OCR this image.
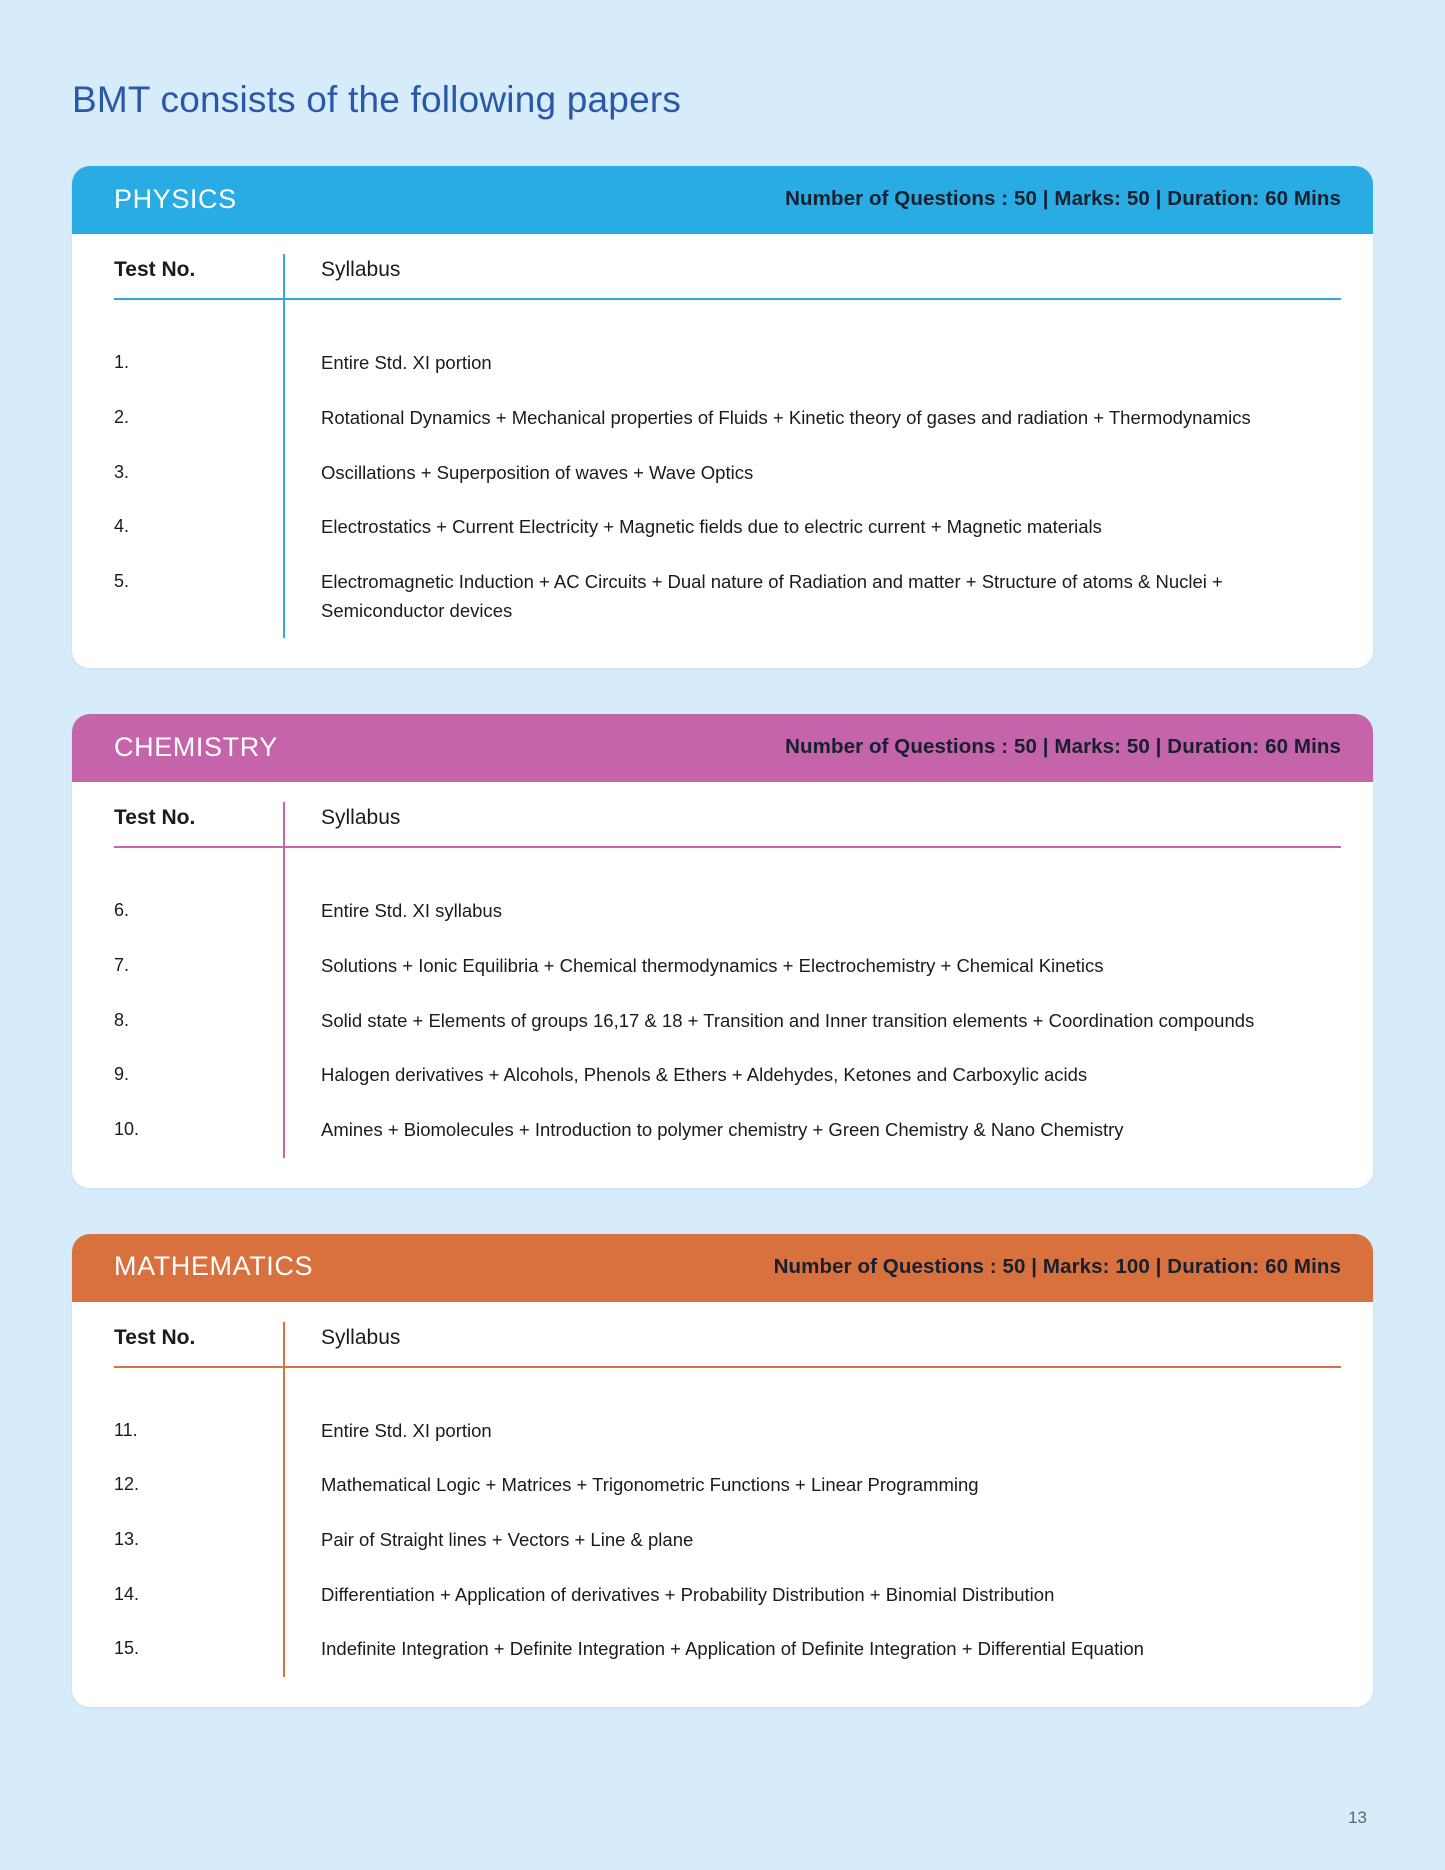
BMT consists of the following papers
PHYSICS	Number of Questions : 50 | Marks: 50 | Duration: 60 Mins
Test No.	Syllabus

1.	Entire Std. XI portion
2.	Rotational Dynamics + Mechanical properties of Fluids + Kinetic theory of gases and radiation + Thermodynamics
3.	Oscillations + Superposition of waves + Wave Optics
4.	Electrostatics + Current Electricity + Magnetic fields due to electric current + Magnetic materials
5.	Electromagnetic Induction + AC Circuits + Dual nature of Radiation and matter + Structure of atoms & Nuclei + Semiconductor devices
CHEMISTRY	Number of Questions : 50 | Marks: 50 | Duration: 60 Mins
Test No.	Syllabus

6.	Entire Std. XI syllabus
7.	Solutions + Ionic Equilibria + Chemical thermodynamics + Electrochemistry + Chemical Kinetics
8.	Solid state + Elements of groups 16,17 & 18 + Transition and Inner transition elements + Coordination compounds
9.	Halogen derivatives + Alcohols, Phenols & Ethers + Aldehydes, Ketones and Carboxylic acids
10.	Amines + Biomolecules + Introduction to polymer chemistry + Green Chemistry & Nano Chemistry
MATHEMATICS	Number of Questions : 50 | Marks: 100 | Duration: 60 Mins
Test No.	Syllabus

11.	Entire Std. XI portion
12.	Mathematical Logic + Matrices + Trigonometric Functions + Linear Programming
13.	Pair of Straight lines + Vectors + Line & plane
14.	Differentiation + Application of derivatives + Probability Distribution + Binomial Distribution
15.	Indefinite Integration + Definite Integration + Application of Definite Integration + Differential Equation
13
